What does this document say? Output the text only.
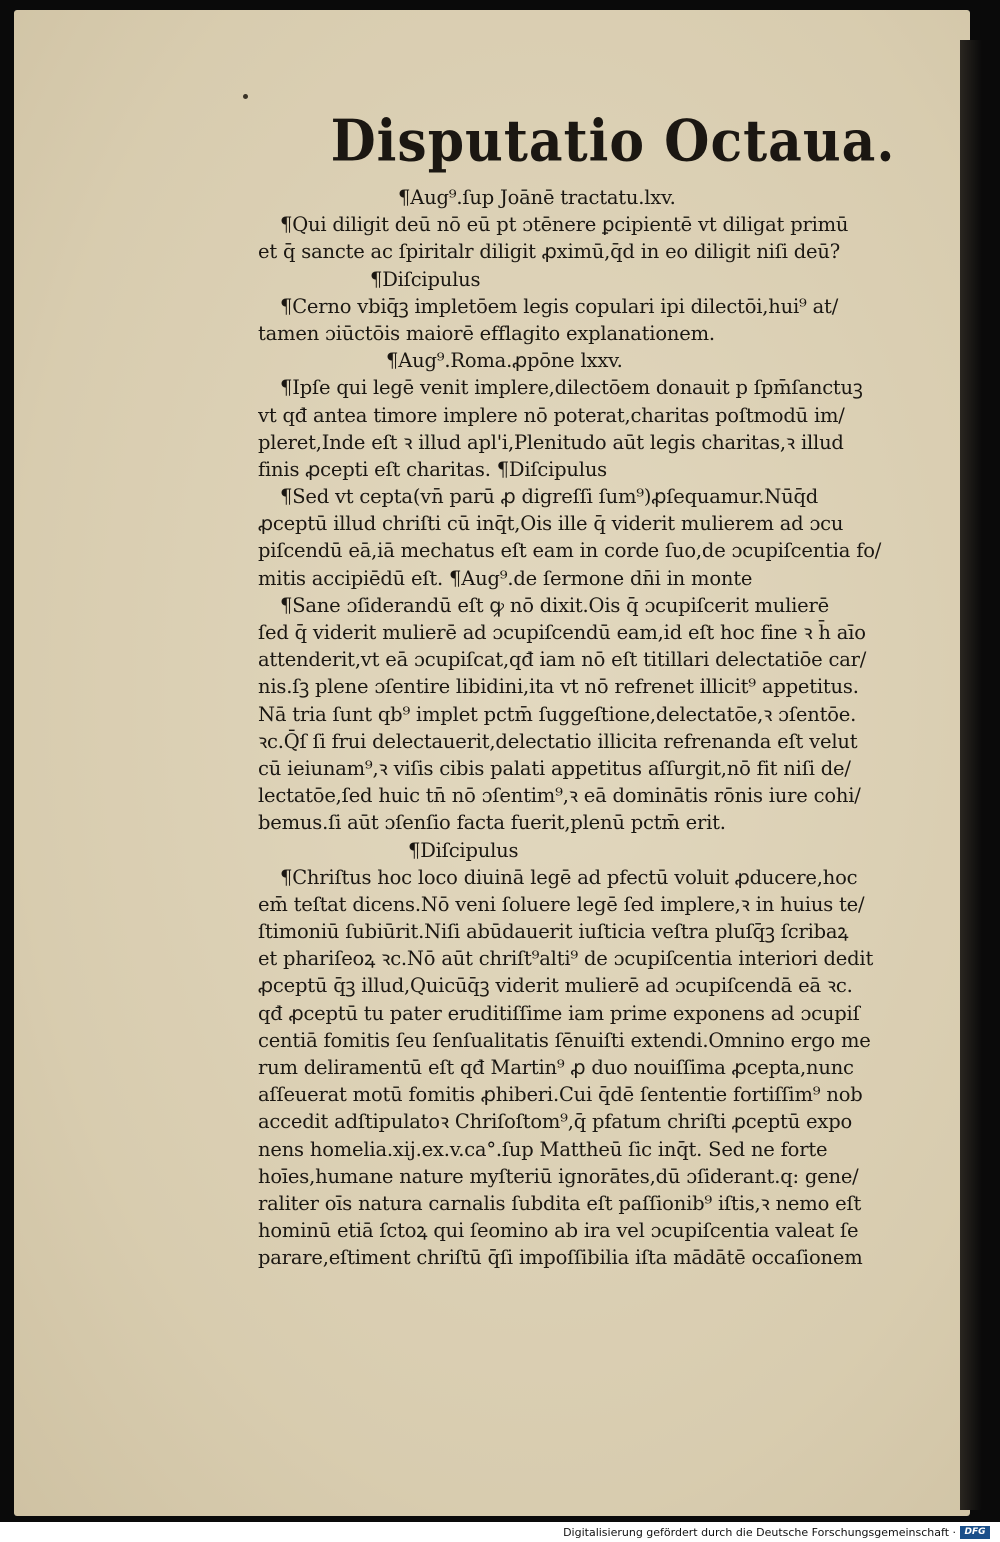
Disputatio Octaua.
¶Aug⁹.ſup Joānē tractatu.lxv.
¶Qui diligit deū nō eū pt ɔtēnere ꝑcipientē vt diligat primū
et q̄ sancte ac ſpiritalr diligit ꝓximū,q̄d in eo diligit niſi deū?
¶Diſcipulus
¶Cerno vbiq̄ꝫ impletōem legis copulari ipi dilectōi,hui⁹ at/
tamen ɔiūctōis maiorē efflagito explanationem.
¶Aug⁹.Roma.ꝓpōne lxxv.
¶Ipſe qui legē venit implere,dilectōem donauit p ſpm̄ſanctuꝫ
vt qđ antea timore implere nō poterat,charitas poſtmodū im/
pleret,Inde eſt ꝛ illud apl'i,Plenitudo aūt legis charitas,ꝛ illud
finis ꝓcepti eſt charitas. ¶Diſcipulus
¶Sed vt cepta(vn̄ parū ꝓ digreſſi ſum⁹)ꝓſequamur.Nūq̄d
ꝓceptū illud chriſti cū inq̄t,Ois ille q̄ viderit mulierem ad ɔcu
piſcendū eā,iā mechatus eſt eam in corde ſuo,de ɔcupiſcentia fo/
mitis accipiēdū eſt. ¶Aug⁹.de ſermone dn̄i in monte
¶Sane ɔſiderandū eſt ꝙ nō dixit.Ois q̄ ɔcupiſcerit mulierē
ſed q̄ viderit mulierē ad ɔcupiſcendū eam,id eſt hoc fine ꝛ h̄ aīo
attenderit,vt eā ɔcupiſcat,qđ iam nō eſt titillari delectatiōe car/
nis.ſꝫ plene ɔſentire libidini,ita vt nō refrenet illicit⁹ appetitus.
Nā tria ſunt qb⁹ implet pctm̄ ſuggeſtione,delectatōe,ꝛ ɔſentōe.
ꝛc.Q̄ſ ſi frui delectauerit,delectatio illicita refrenanda eſt velut
cū ieiunam⁹,ꝛ viſis cibis palati appetitus aſſurgit,nō fit niſi de/
lectatōe,ſed huic tn̄ nō ɔſentim⁹,ꝛ eā dominātis rōnis iure cohi/
bemus.ſi aūt ɔſenſio facta fuerit,plenū pctm̄ erit.
¶Diſcipulus
¶Chriſtus hoc loco diuinā legē ad pfectū voluit ꝓducere,hoc
em̄ teſtat dicens.Nō veni ſoluere legē ſed implere,ꝛ in huius te/
ſtimoniū ſubiūrit.Niſi abūdauerit iuſticia veſtra pluſq̄ꝫ ſcribaꝝ
et phariſeoꝝ ꝛc.Nō aūt chriſt⁹alti⁹ de ɔcupiſcentia interiori dedit
ꝓceptū q̄ꝫ illud,Quicūq̄ꝫ viderit mulierē ad ɔcupiſcendā eā ꝛc.
qđ ꝓceptū tu pater eruditiſſime iam prime exponens ad ɔcupiſ
centiā fomitis ſeu ſenſualitatis ſēnuiſti extendi.Omnino ergo me
rum deliramentū eſt qđ Martin⁹ ꝓ duo nouiſſima ꝓcepta,nunc
aſſeuerat motū fomitis ꝓhiberi.Cui q̄dē ſententie fortiſſim⁹ nob
accedit adſtipulatoꝛ Chriſoſtom⁹,q̄ pfatum chriſti ꝓceptū expo
nens homelia.xij.ex.v.ca°.ſup Mattheū ſic inq̄t. Sed ne forte
hoīes,humane nature myſteriū ignorātes,dū ɔſiderant.q: gene/
raliter oīs natura carnalis ſubdita eſt paſſionib⁹ iſtis,ꝛ nemo eſt
hominū etiā ſctoꝝ qui ſeomino ab ira vel ɔcupiſcentia valeat ſe
parare,eſtiment chriſtū q̄ſi impoſſibilia iſta mādātē occaſionem
Digitalisierung gefördert durch die Deutsche Forschungsgemeinschaft · DFG
